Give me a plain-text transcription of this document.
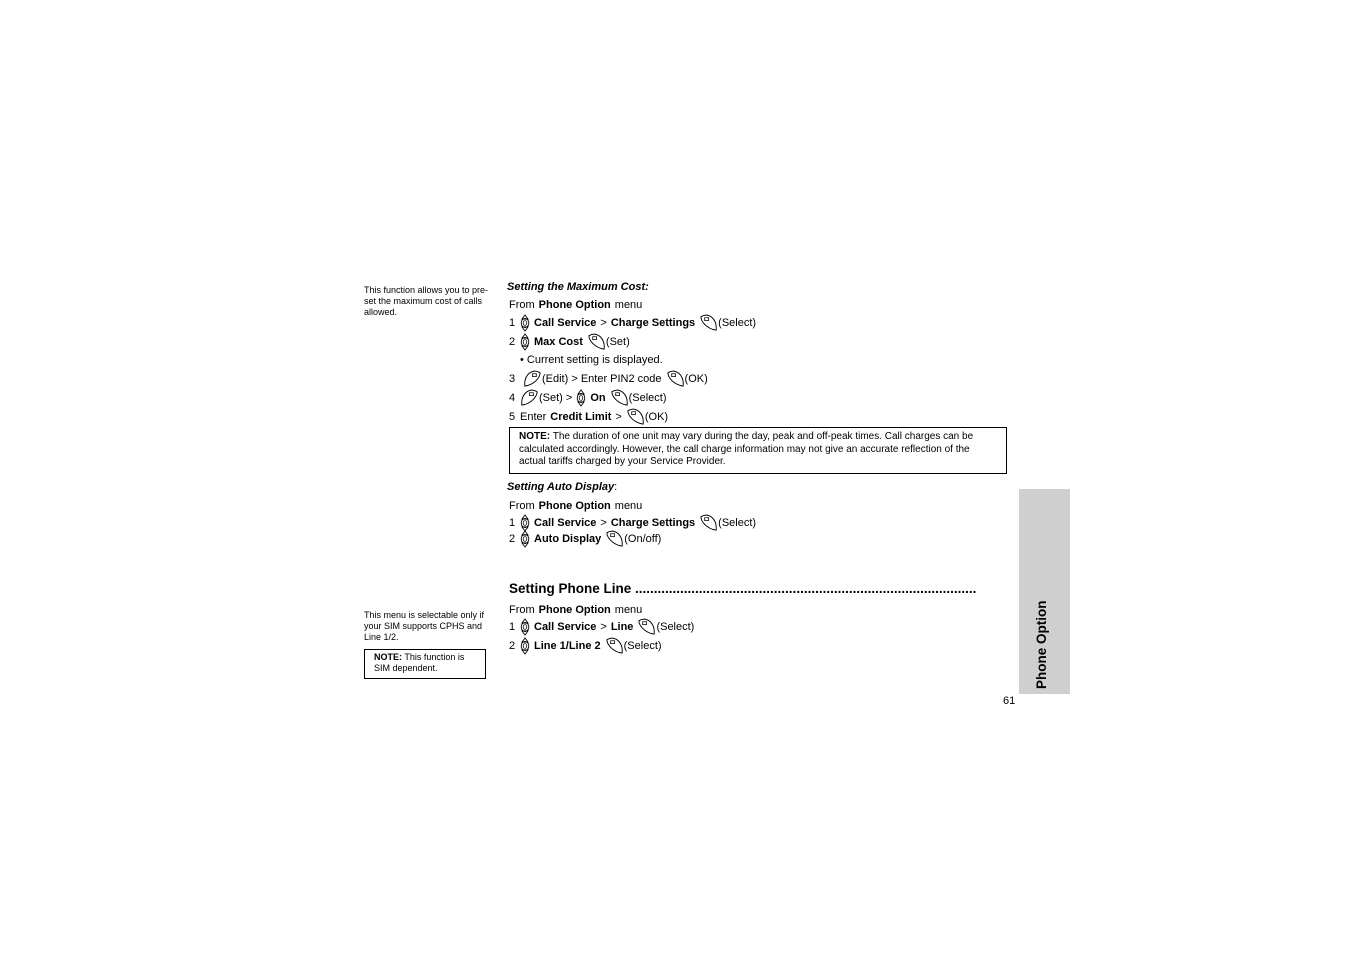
This function allows you to pre-set the maximum cost of calls allowed.
This menu is selectable only if your SIM supports CPHS and Line 1/2.
NOTE: This function is SIM dependent.
Setting the Maximum Cost:
From Phone Option menu
1	Call Service > Charge Settings (Select)
2	Max Cost (Set)
• Current setting is displayed.
3	(Edit) > Enter PIN2 code (OK)
4	(Set) > On (Select)
5 Enter Credit Limit > (OK)
NOTE: The duration of one unit may vary during the day, peak and off-peak times. Call charges can be calculated accordingly. However, the call charge information may not give an accurate reflection of the actual tariffs charged by your Service Provider.
Setting Auto Display:
From Phone Option menu
1	Call Service > Charge Settings (Select)
2	Auto Display (On/off)
Setting Phone Line ...........................................................................................
From Phone Option menu
1	Call Service > Line (Select)
2	Line 1/Line 2 (Select)	Phone Option
61
